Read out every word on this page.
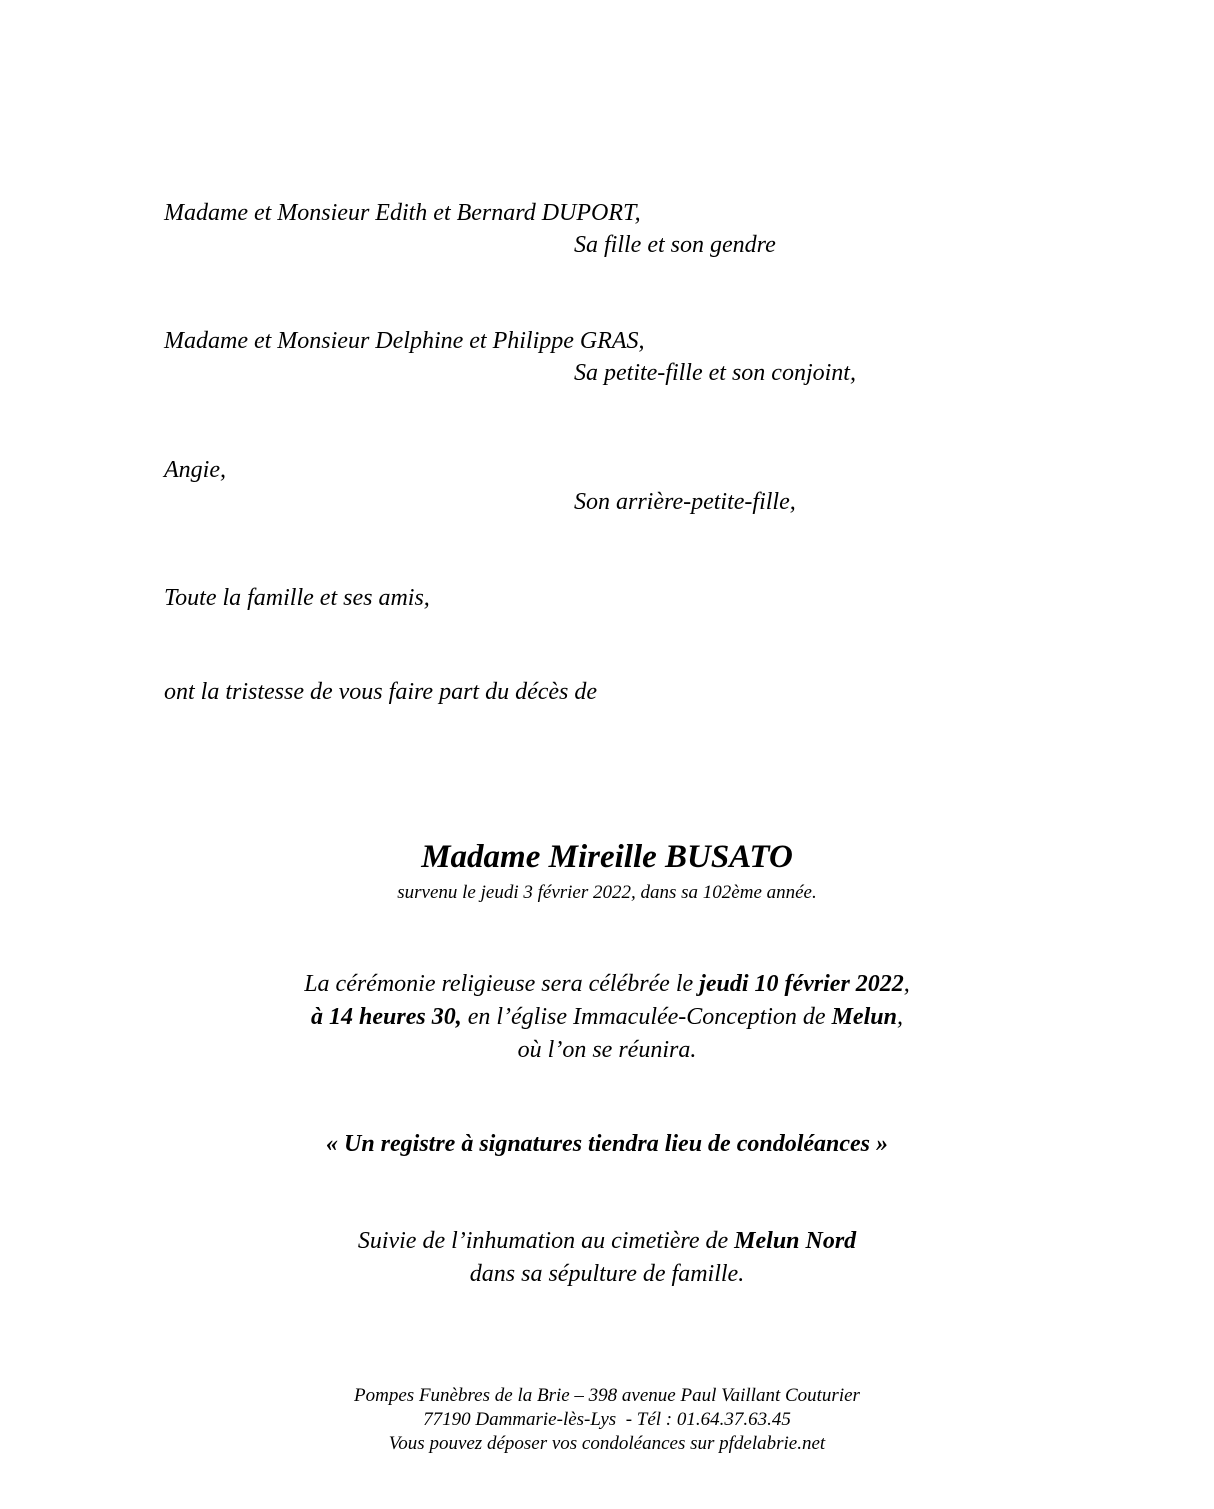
Madame et Monsieur Edith et Bernard DUPORT,
Sa fille et son gendre
Madame et Monsieur Delphine et Philippe GRAS,
Sa petite-fille et son conjoint,
Angie,
Son arrière-petite-fille,
Toute la famille et ses amis,
ont la tristesse de vous faire part du décès de
Madame Mireille BUSATO
survenu le jeudi 3 février 2022, dans sa 102ème année.
La cérémonie religieuse sera célébrée le jeudi 10 février 2022,
à 14 heures 30, en l’église Immaculée-Conception de Melun,
où l’on se réunira.
« Un registre à signatures tiendra lieu de condoléances »
Suivie de l’inhumation au cimetière de Melun Nord
dans sa sépulture de famille.
Pompes Funèbres de la Brie – 398 avenue Paul Vaillant Couturier
77190 Dammarie-lès-Lys  - Tél : 01.64.37.63.45
Vous pouvez déposer vos condoléances sur pfdelabrie.net
